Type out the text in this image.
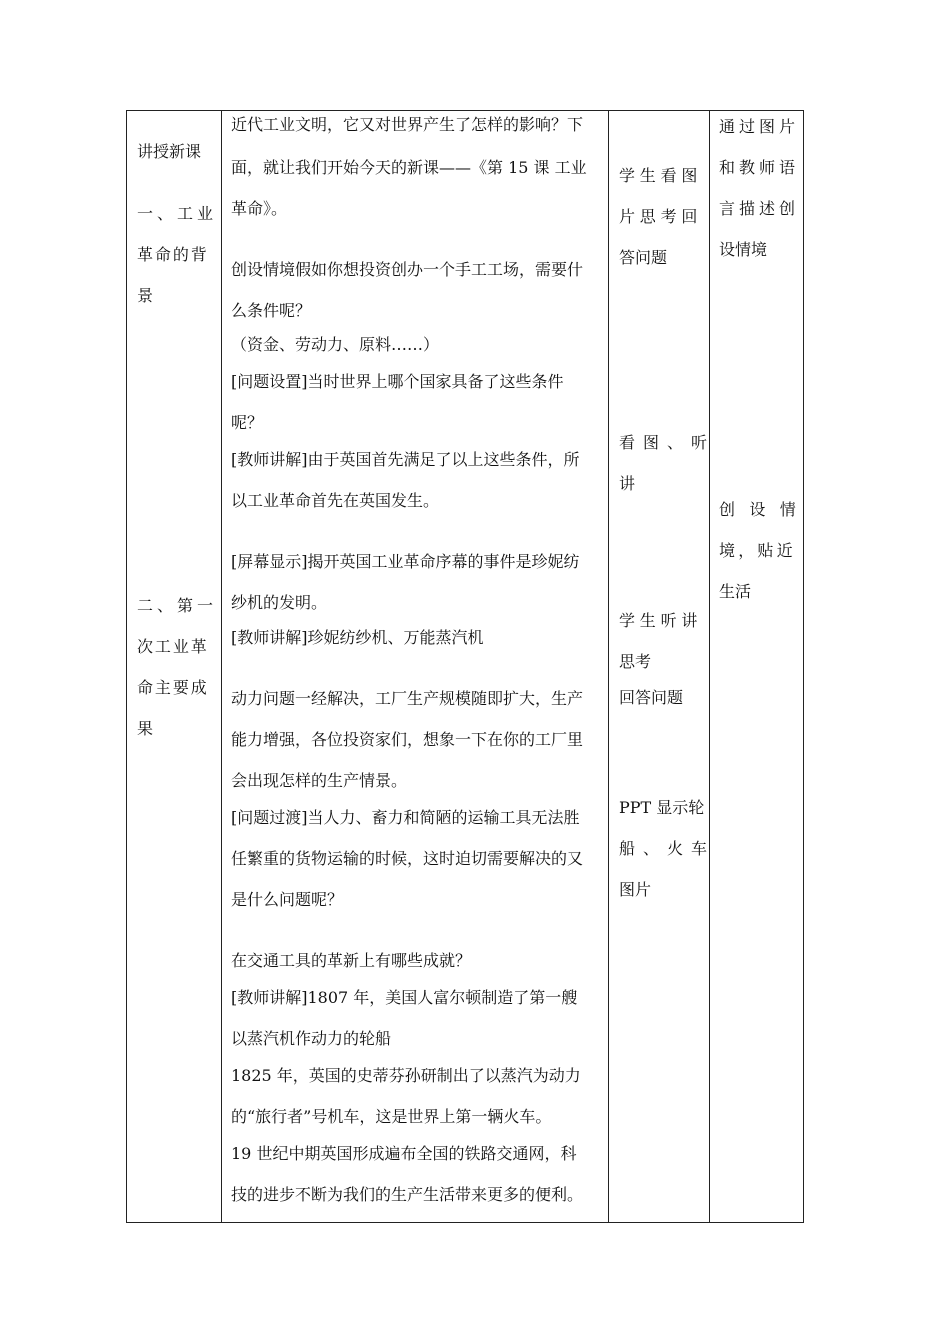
讲授新课
一、工业
革命的背
景
二、第一
次工业革
命主要成
果
近代工业文明，它又对世界产生了怎样的影响？下
面，就让我们开始今天的新课——《第 15 课 工业
革命》。
创设情境假如你想投资创办一个手工工场，需要什
么条件呢？
（资金、劳动力、原料……）
[问题设置]当时世界上哪个国家具备了这些条件
呢？
[教师讲解]由于英国首先满足了以上这些条件，所
以工业革命首先在英国发生。
[屏幕显示]揭开英国工业革命序幕的事件是珍妮纺
纱机的发明。
[教师讲解]珍妮纺纱机、万能蒸汽机
动力问题一经解决，工厂生产规模随即扩大，生产
能力增强，各位投资家们，想象一下在你的工厂里
会出现怎样的生产情景。
[问题过渡]当人力、畜力和简陋的运输工具无法胜
任繁重的货物运输的时候，这时迫切需要解决的又
是什么问题呢？
在交通工具的革新上有哪些成就？
[教师讲解]1807 年，美国人富尔顿制造了第一艘
以蒸汽机作动力的轮船
1825 年，英国的史蒂芬孙研制出了以蒸汽为动力
的“旅行者”号机车，这是世界上第一辆火车。
19 世纪中期英国形成遍布全国的铁路交通网，科
技的进步不断为我们的生产生活带来更多的便利。
学生看图
片思考回
答问题
看图、听
讲
学生听讲
思考
回答问题
PPT 显示轮
船、火车
图片
通过图片
和教师语
言描述创
设情境
创设情
境，贴近
生活
